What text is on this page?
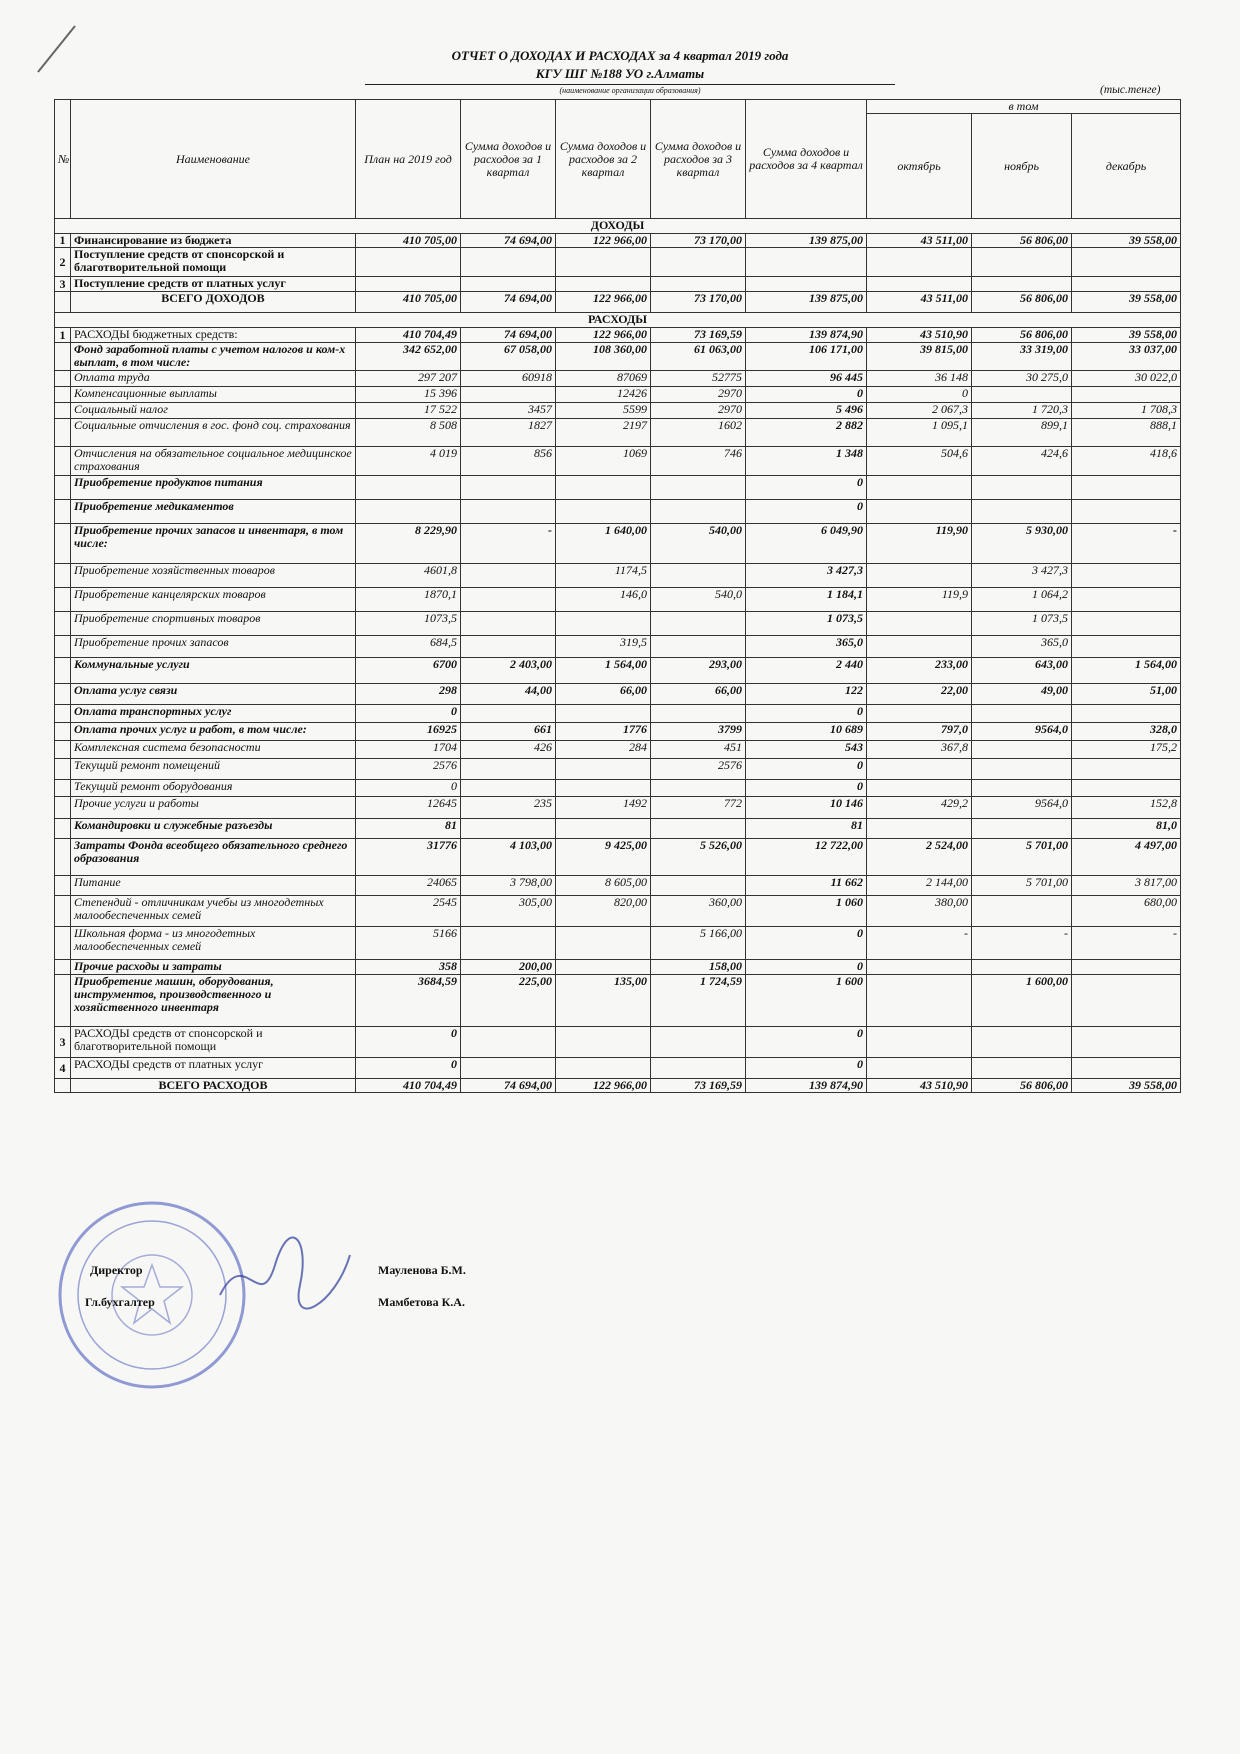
ОТЧЕТ О ДОХОДАХ И РАСХОДАХ за 4 квартал 2019 года
КГУ ШГ №188 УО г.Алматы
(наименование организации образования)	(тыс.тенге)
№	Наименование	План на 2019 год	Сумма доходов и расходов за 1 квартал	Сумма доходов и расходов за 2 квартал	Сумма доходов и расходов за 3 квартал	Сумма доходов и расходов за 4 квартал	в том		
							октябрь	ноябрь	декабрь
ДОХОДЫ									
1	Финансирование из бюджета	410 705,00	74 694,00	122 966,00	73 170,00	139 875,00	43 511,00	56 806,00	39 558,00
2	Поступление средств от спонсорской и благотворительной помощи								
3	Поступление средств от платных услуг								
	ВСЕГО ДОХОДОВ	410 705,00	74 694,00	122 966,00	73 170,00	139 875,00	43 511,00	56 806,00	39 558,00
РАСХОДЫ									
1	РАСХОДЫ бюджетных средств:	410 704,49	74 694,00	122 966,00	73 169,59	139 874,90	43 510,90	56 806,00	39 558,00
	Фонд заработной платы с учетом налогов и ком-х выплат, в том числе:	342 652,00	67 058,00	108 360,00	61 063,00	106 171,00	39 815,00	33 319,00	33 037,00
	Оплата труда	297 207	60918	87069	52775	96 445	36 148	30 275,0	30 022,0
	Компенсационные выплаты	15 396		12426	2970	0	0		
	Социальный налог	17 522	3457	5599	2970	5 496	2 067,3	1 720,3	1 708,3
	Социальные отчисления в гос. фонд соц. страхования	8 508	1827	2197	1602	2 882	1 095,1	899,1	888,1
	Отчисления на обязательное социальное медицинское страхования	4 019	856	1069	746	1 348	504,6	424,6	418,6
	Приобретение продуктов питания					0			
	Приобретение медикаментов					0			
	Приобретение прочих запасов и инвентаря, в том числе:	8 229,90	-	1 640,00	540,00	6 049,90	119,90	5 930,00	-
	Приобретение хозяйственных товаров	4601,8		1174,5		3 427,3		3 427,3	
	Приобретение канцелярских товаров	1870,1		146,0	540,0	1 184,1	119,9	1 064,2	
	Приобретение спортивных товаров	1073,5				1 073,5		1 073,5	
	Приобретение прочих запасов	684,5		319,5		365,0		365,0	
	Коммунальные услуги	6700	2 403,00	1 564,00	293,00	2 440	233,00	643,00	1 564,00
	Оплата услуг связи	298	44,00	66,00	66,00	122	22,00	49,00	51,00
	Оплата транспортных услуг	0				0			
	Оплата прочих услуг и работ, в том числе:	16925	661	1776	3799	10 689	797,0	9564,0	328,0
	Комплексная система безопасности	1704	426	284	451	543	367,8		175,2
	Текущий ремонт помещений	2576			2576	0			
	Текущий ремонт оборудования	0				0			
	Прочие услуги и работы	12645	235	1492	772	10 146	429,2	9564,0	152,8
	Командировки и служебные разъезды	81				81			81,0
	Затраты Фонда всеобщего обязательного среднего образования	31776	4 103,00	9 425,00	5 526,00	12 722,00	2 524,00	5 701,00	4 497,00
	Питание	24065	3 798,00	8 605,00		11 662	2 144,00	5 701,00	3 817,00
	Степендий - отличникам учебы из многодетных малообеспеченных семей	2545	305,00	820,00	360,00	1 060	380,00		680,00
	Школьная форма - из многодетных малообеспеченных семей	5166			5 166,00	0	-	-	-
	Прочие расходы и затраты	358	200,00		158,00	0			
	Приобретение машин, оборудования, инструментов, производственного и хозяйственного инвентаря	3684,59	225,00	135,00	1 724,59	1 600		1 600,00	
3	РАСХОДЫ средств от спонсорской и благотворительной помощи	0				0			
4	РАСХОДЫ средств от платных услуг	0				0			
	ВСЕГО РАСХОДОВ	410 704,49	74 694,00	122 966,00	73 169,59	139 874,90	43 510,90	56 806,00	39 558,00
Директор	Мауленова Б.М.
Гл.бухгалтер	Мамбетова К.А.
